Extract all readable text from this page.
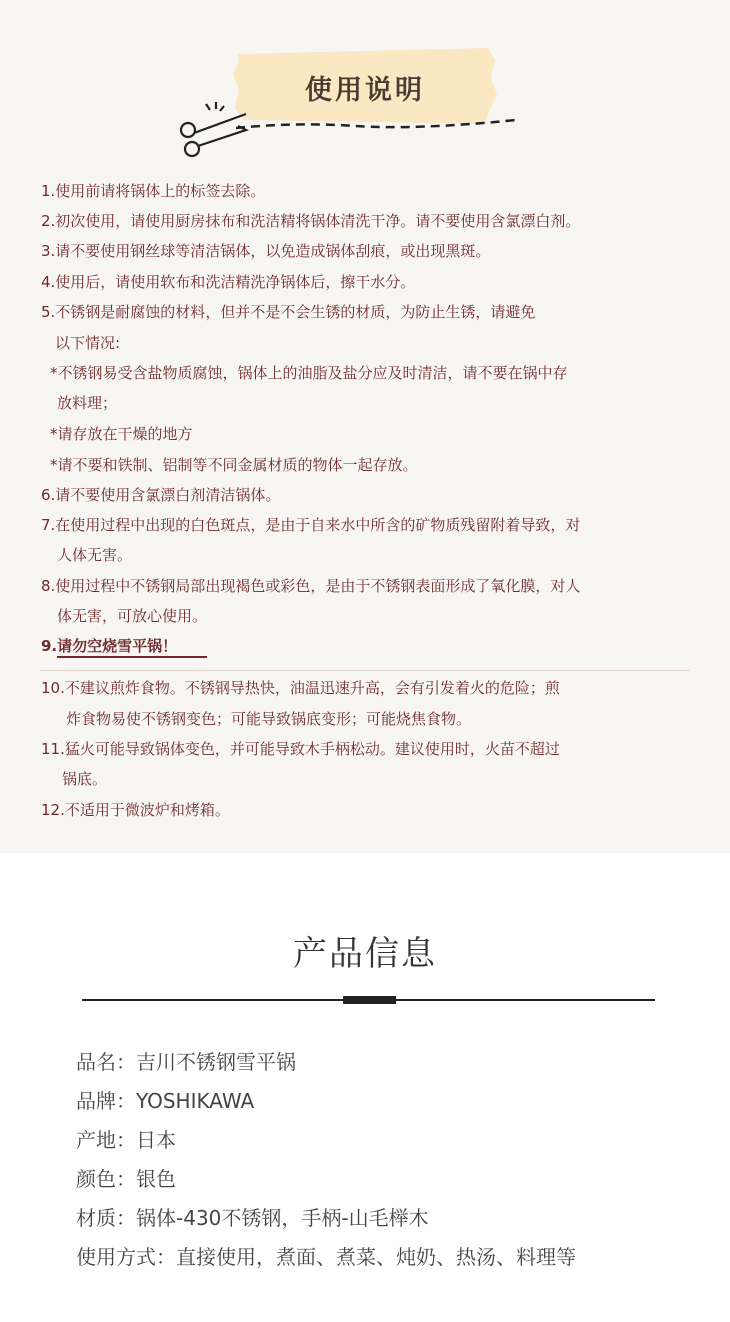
使用说明
1.使用前请将锅体上的标签去除。
2.初次使用，请使用厨房抹布和洗洁精将锅体清洗干净。请不要使用含氯漂白剂。
3.请不要使用钢丝球等清洁锅体，以免造成锅体刮痕，或出现黑斑。
4.使用后，请使用软布和洗洁精洗净锅体后，擦干水分。
5.不锈钢是耐腐蚀的材料，但并不是不会生锈的材质，为防止生锈，请避免
以下情况:
*不锈钢易受含盐物质腐蚀，锅体上的油脂及盐分应及时清洁，请不要在锅中存
放料理；
*请存放在干燥的地方
*请不要和铁制、铝制等不同金属材质的物体一起存放。
6.请不要使用含氯漂白剂清洁锅体。
7.在使用过程中出现的白色斑点，是由于自来水中所含的矿物质残留附着导致，对
人体无害。
8.使用过程中不锈钢局部出现褐色或彩色，是由于不锈钢表面形成了氧化膜，对人
体无害，可放心使用。
9.请勿空烧雪平锅！
10.不建议煎炸食物。不锈钢导热快，油温迅速升高，会有引发着火的危险；煎
炸食物易使不锈钢变色；可能导致锅底变形；可能烧焦食物。
11.猛火可能导致锅体变色，并可能导致木手柄松动。建议使用时，火苗不超过
锅底。
12.不适用于微波炉和烤箱。
产品信息
品名：吉川不锈钢雪平锅
品牌：YOSHIKAWA
产地：日本
颜色：银色
材质：锅体-430不锈钢，手柄-山毛榉木
使用方式：直接使用，煮面、煮菜、炖奶、热汤、料理等
